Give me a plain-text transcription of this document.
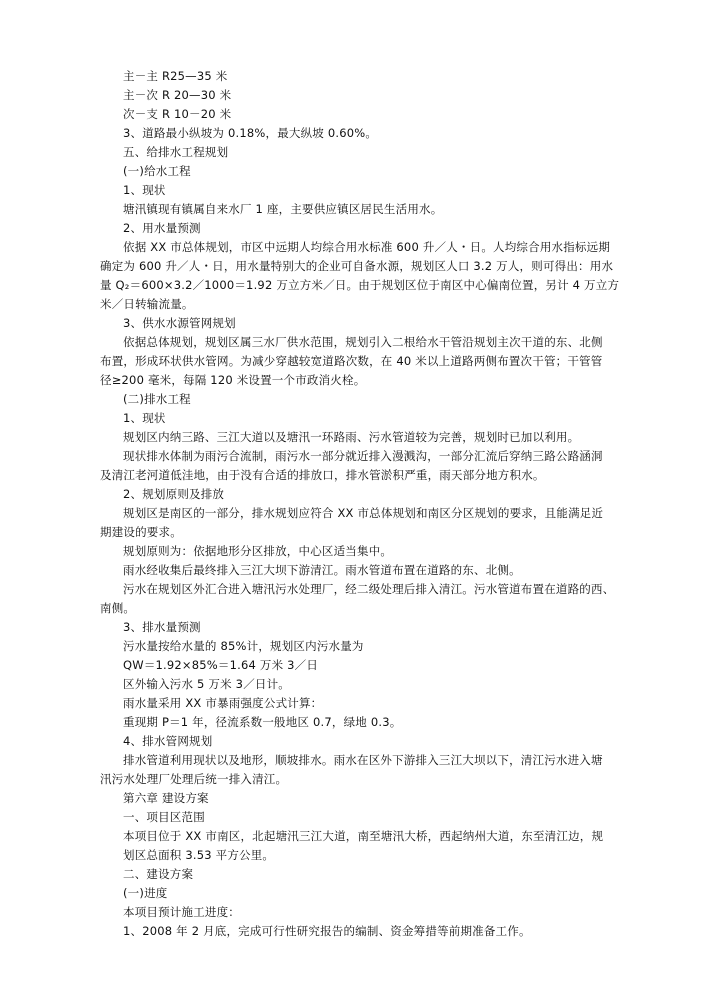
主－主 R25—35 米
主－次 R 20—30 米
次－支 R 10－20 米
3、道路最小纵坡为 0.18%，最大纵坡 0.60%。
五、给排水工程规划
(一)给水工程
1、现状
塘汛镇现有镇属自来水厂 1 座，主要供应镇区居民生活用水。
2、用水量预测
依据 XX 市总体规划，市区中远期人均综合用水标准 600 升／人・日。人均综合用水指标远期
确定为 600 升／人・日，用水量特别大的企业可自备水源，规划区人口 3.2 万人，则可得出：用水
量 Q₂＝600×3.2／1000＝1.92 万立方米／日。由于规划区位于南区中心偏南位置，另计 4 万立方
米／日转输流量。
3、供水水源管网规划
依据总体规划，规划区属三水厂供水范围，规划引入二根给水干管沿规划主次干道的东、北侧
布置，形成环状供水管网。为减少穿越较宽道路次数，在 40 米以上道路两侧布置次干管；干管管
径≥200 毫米，每隔 120 米设置一个市政消火栓。
(二)排水工程
1、现状
规划区内纳三路、三江大道以及塘汛一环路雨、污水管道较为完善，规划时已加以利用。
现状排水体制为雨污合流制，雨污水一部分就近排入漫溅沟，一部分汇流后穿纳三路公路涵洞
及清江老河道低洼地，由于没有合适的排放口，排水管淤积严重，雨天部分地方积水。
2、规划原则及排放
规划区是南区的一部分，排水规划应符合 XX 市总体规划和南区分区规划的要求，且能满足近
期建设的要求。
规划原则为：依据地形分区排放，中心区适当集中。
雨水经收集后最终排入三江大坝下游清江。雨水管道布置在道路的东、北侧。
污水在规划区外汇合进入塘汛污水处理厂，经二级处理后排入清江。污水管道布置在道路的西、
南侧。
3、排水量预测
污水量按给水量的 85%计，规划区内污水量为
QW＝1.92×85%＝1.64 万米 3／日
区外输入污水 5 万米 3／日计。
雨水量采用 XX 市暴雨强度公式计算：
重现期 P＝1 年，径流系数一般地区 0.7，绿地 0.3。
4、排水管网规划
排水管道利用现状以及地形，顺坡排水。雨水在区外下游排入三江大坝以下，清江污水进入塘
汛污水处理厂处理后统一排入清江。
第六章 建设方案
一、项目区范围
本项目位于 XX 市南区，北起塘汛三江大道，南至塘汛大桥，西起纳州大道，东至清江边，规
划区总面积 3.53 平方公里。
二、建设方案
(一)进度
本项目预计施工进度：
1、2008 年 2 月底，完成可行性研究报告的编制、资金筹措等前期准备工作。
